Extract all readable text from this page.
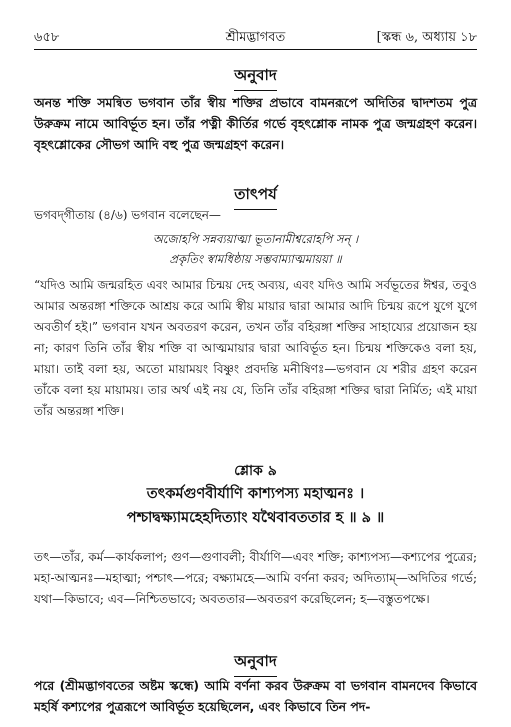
৬৫৮	শ্রীমদ্ভাগবত	[স্কন্ধ ৬, অধ্যায় ১৮
অনুবাদ
অনন্ত শক্তি সমন্বিত ভগবান তাঁর স্বীয় শক্তির প্রভাবে বামনরূপে অদিতির দ্বাদশতম পুত্র উরুক্রম নামে আবির্ভূত হন। তাঁর পত্নী কীর্তির গর্ভে বৃহৎশ্লোক নামক পুত্র জন্মগ্রহণ করেন। বৃহৎশ্লোকের সৌভগ আদি বহু পুত্র জন্মগ্রহণ করেন।
তাৎপর্য
ভগবদ্‌গীতায় (৪/৬) ভগবান বলেছেন—
অজোহপি সন্নব্যয়াত্মা ভূতানামীশ্বরোহপি সন্‌ ।
প্রকৃতিং স্বামধিষ্ঠায় সম্ভবাম্যাত্মমায়য়া ॥
“যদিও আমি জন্মরহিত এবং আমার চিন্ময় দেহ অব্যয়, এবং যদিও আমি সর্বভূতের ঈশ্বর, তবুও আমার অন্তরঙ্গা শক্তিকে আশ্রয় করে আমি স্বীয় মায়ার দ্বারা আমার আদি চিন্ময় রূপে যুগে যুগে অবতীর্ণ হই।” ভগবান যখন অবতরণ করেন, তখন তাঁর বহিরঙ্গা শক্তির সাহায্যের প্রয়োজন হয় না; কারণ তিনি তাঁর স্বীয় শক্তি বা আত্মমায়ার দ্বারা আবির্ভূত হন। চিন্ময় শক্তিকেও বলা হয়, মায়া। তাই বলা হয়, অতো মায়াময়ং বিষ্ণুং প্রবদন্তি মনীষিণঃ—ভগবান যে শরীর গ্রহণ করেন তাঁকে বলা হয় মায়াময়। তার অর্থ এই নয় যে, তিনি তাঁর বহিরঙ্গা শক্তির দ্বারা নির্মিত; এই মায়া তাঁর অন্তরঙ্গা শক্তি।
শ্লোক ৯
তৎকর্মগুণবীর্যাণি কাশ্যপস্য মহাত্মনঃ ।
পশ্চাদ্বক্ষ্যামহেহদিত্যাং যথৈবাবততার হ ॥ ৯ ॥
তৎ—তাঁর, কর্ম—কার্যকলাপ; গুণ—গুণাবলী; বীর্যাণি—এবং শক্তি; কাশ্যপস্য—কশ্যপের পুত্রের; মহা-আত্মনঃ—মহাত্মা; পশ্চাৎ—পরে; বক্ষ্যামহে—আমি বর্ণনা করব; অদিত্যাম্‌—অদিতির গর্ভে; যথা—কিভাবে; এব—নিশ্চিতভাবে; অবততার—অবতরণ করেছিলেন; হ—বস্তুতপক্ষে।
অনুবাদ
পরে (শ্রীমদ্ভাগবতের অষ্টম স্কন্ধে) আমি বর্ণনা করব উরুক্রম বা ভগবান বামনদেব কিভাবে মহর্ষি কশ্যপের পুত্ররূপে আবির্ভূত হয়েছিলেন, এবং কিভাবে তিন পদ-
